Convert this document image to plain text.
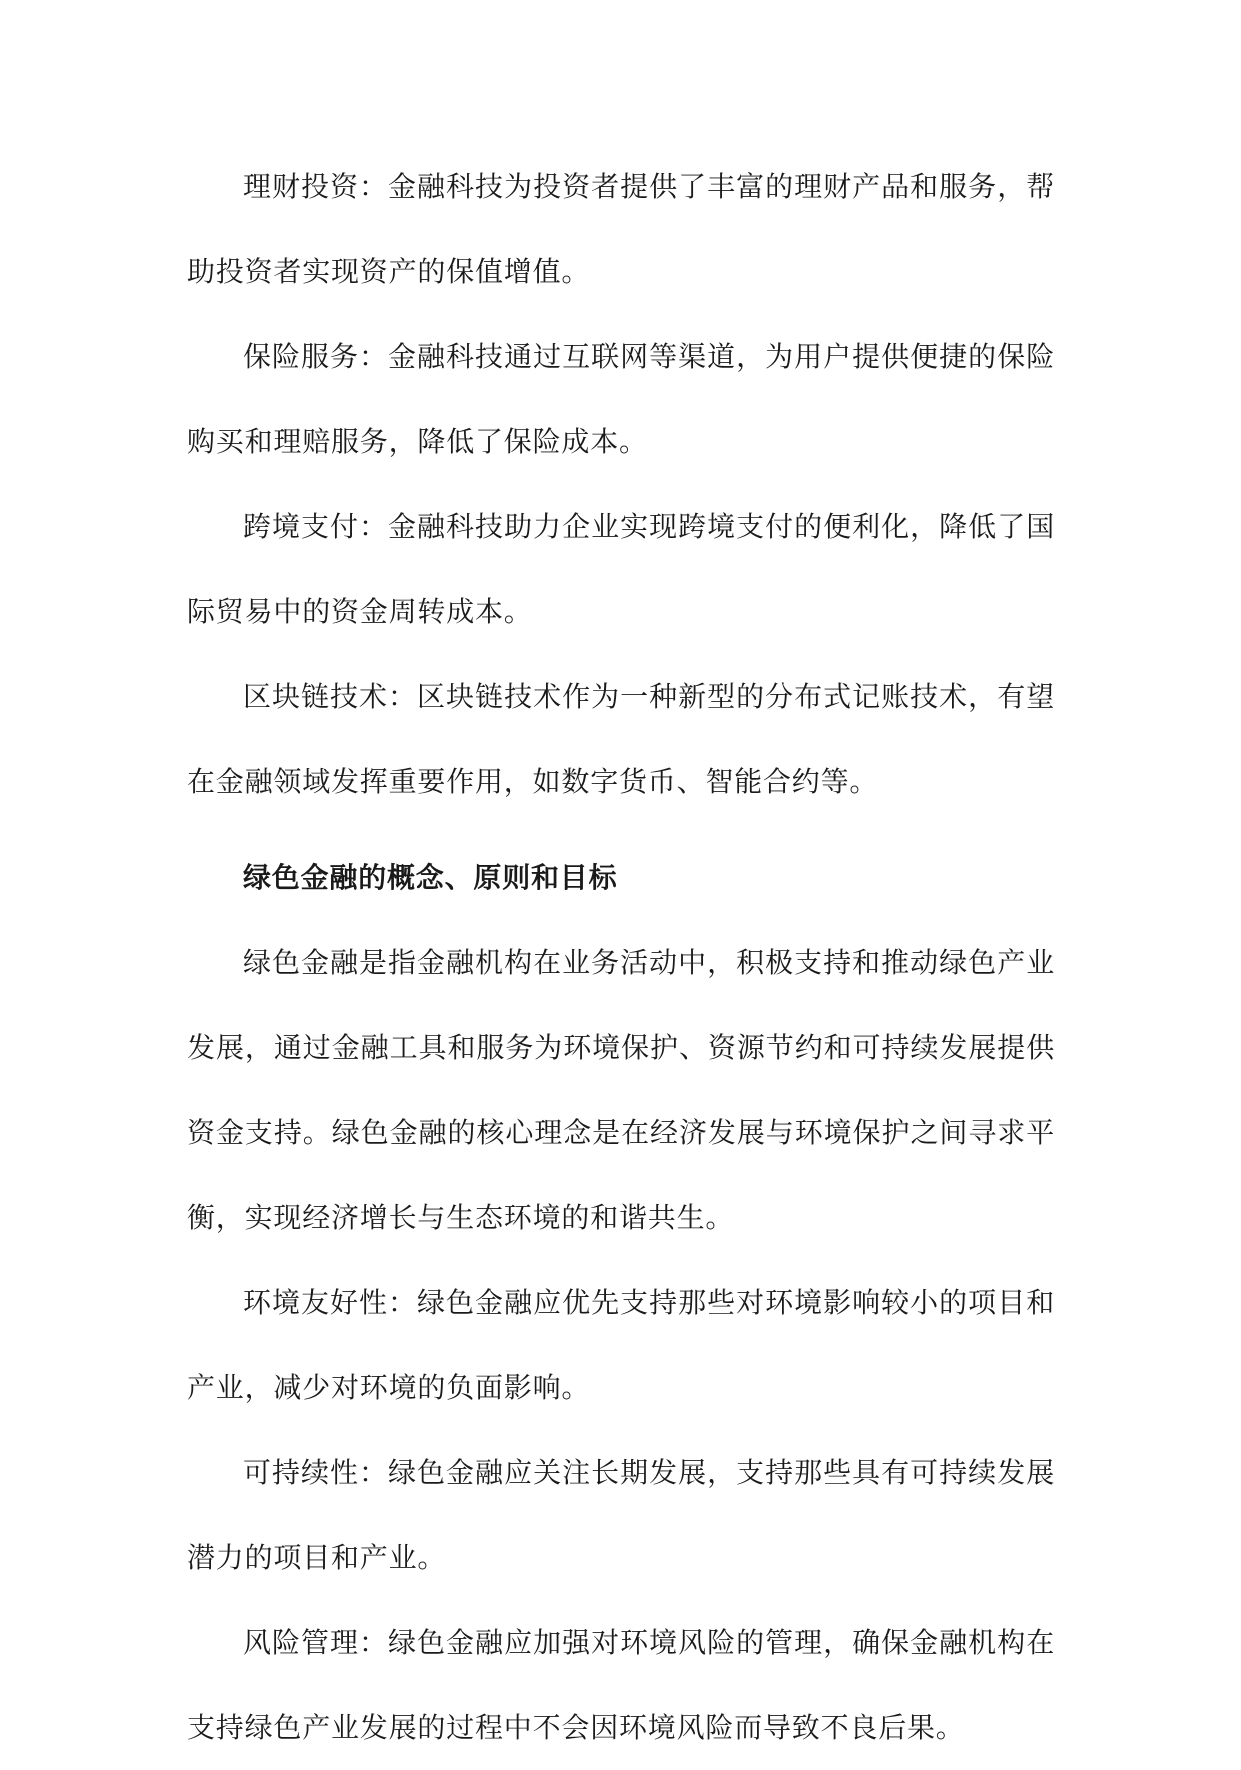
理财投资：金融科技为投资者提供了丰富的理财产品和服务，帮助投资者实现资产的保值增值。

保险服务：金融科技通过互联网等渠道，为用户提供便捷的保险购买和理赔服务，降低了保险成本。

跨境支付：金融科技助力企业实现跨境支付的便利化，降低了国际贸易中的资金周转成本。

区块链技术：区块链技术作为一种新型的分布式记账技术，有望在金融领域发挥重要作用，如数字货币、智能合约等。

绿色金融的概念、原则和目标

绿色金融是指金融机构在业务活动中，积极支持和推动绿色产业发展，通过金融工具和服务为环境保护、资源节约和可持续发展提供资金支持。绿色金融的核心理念是在经济发展与环境保护之间寻求平衡，实现经济增长与生态环境的和谐共生。

环境友好性：绿色金融应优先支持那些对环境影响较小的项目和产业，减少对环境的负面影响。

可持续性：绿色金融应关注长期发展，支持那些具有可持续发展潜力的项目和产业。

风险管理：绿色金融应加强对环境风险的管理，确保金融机构在支持绿色产业发展的过程中不会因环境风险而导致不良后果。
